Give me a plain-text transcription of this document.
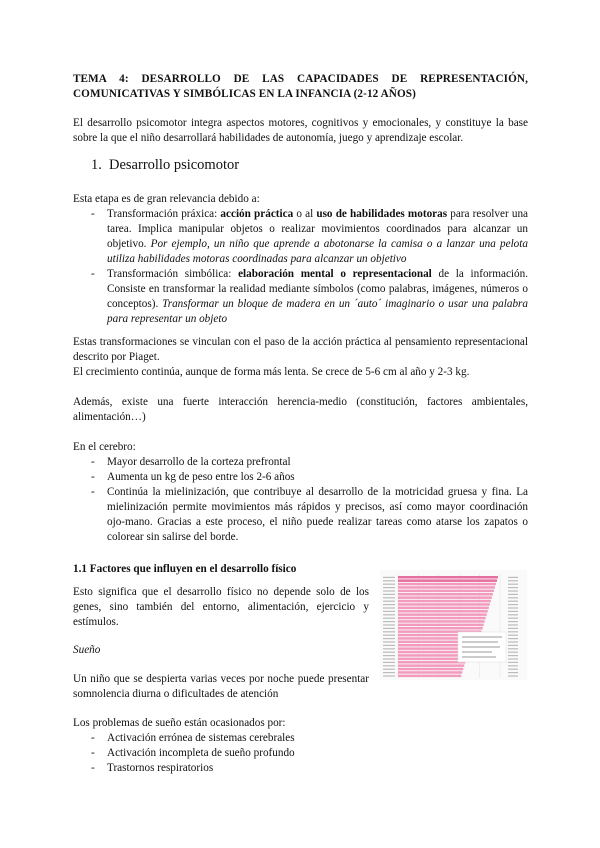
TEMA 4: DESARROLLO DE LAS CAPACIDADES DE REPRESENTACIÓN, COMUNICATIVAS Y SIMBÓLICAS EN LA INFANCIA (2-12 AÑOS)
El desarrollo psicomotor integra aspectos motores, cognitivos y emocionales, y constituye la base sobre la que el niño desarrollará habilidades de autonomía, juego y aprendizaje escolar.
1. Desarrollo psicomotor
Esta etapa es de gran relevancia debido a:
- Transformación práxica: acción práctica o al uso de habilidades motoras para resolver una tarea. Implica manipular objetos o realizar movimientos coordinados para alcanzar un objetivo. Por ejemplo, un niño que aprende a abotonarse la camisa o a lanzar una pelota utiliza habilidades motoras coordinadas para alcanzar un objetivo
- Transformación simbólica: elaboración mental o representacional de la información. Consiste en transformar la realidad mediante símbolos (como palabras, imágenes, números o conceptos). Transformar un bloque de madera en un ´auto´ imaginario o usar una palabra para representar un objeto
Estas transformaciones se vinculan con el paso de la acción práctica al pensamiento representacional descrito por Piaget.
El crecimiento continúa, aunque de forma más lenta. Se crece de 5-6 cm al año y 2-3 kg.
Además, existe una fuerte interacción herencia-medio (constitución, factores ambientales, alimentación…)
En el cerebro:
- Mayor desarrollo de la corteza prefrontal
- Aumenta un kg de peso entre los 2-6 años
- Continúa la mielinización, que contribuye al desarrollo de la motricidad gruesa y fina. La mielinización permite movimientos más rápidos y precisos, así como mayor coordinación ojo-mano. Gracias a este proceso, el niño puede realizar tareas como atarse los zapatos o colorear sin salirse del borde.
1.1 Factores que influyen en el desarrollo físico
Esto significa que el desarrollo físico no depende solo de los genes, sino también del entorno, alimentación, ejercicio y estímulos.
Sueño
Un niño que se despierta varias veces por noche puede presentar somnolencia diurna o dificultades de atención
Los problemas de sueño están ocasionados por:
- Activación errónea de sistemas cerebrales
- Activación incompleta de sueño profundo
- Trastornos respiratorios
